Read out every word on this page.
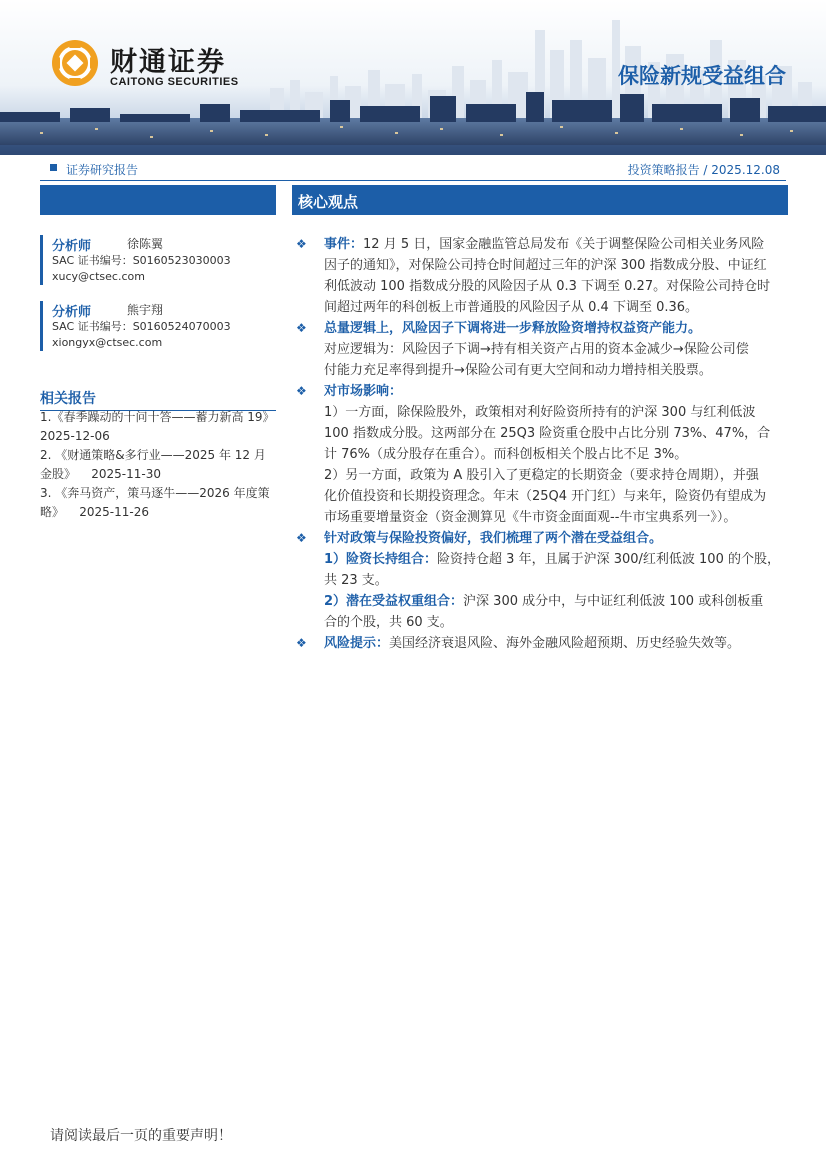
财通证券
CAITONG SECURITIES	保险新规受益组合
证券研究报告	投资策略报告 / 2025.12.08
核心观点
分析师	徐陈翼
SAC 证书编号：S0160523030003
xucy@ctsec.com
分析师	熊宇翔
SAC 证书编号：S0160524070003
xiongyx@ctsec.com
相关报告
1.《春季躁动的十问十答——蓄力新高 19》
2025-12-06
2. 《财通策略&多行业——2025 年 12 月
金股》    2025-11-30
3. 《奔马资产，策马逐牛——2026 年度策
略》    2025-11-26
❖ 事件：12 月 5 日，国家金融监管总局发布《关于调整保险公司相关业务风险
因子的通知》，对保险公司持仓时间超过三年的沪深 300 指数成分股、中证红
利低波动 100 指数成分股的风险因子从 0.3 下调至 0.27。对保险公司持仓时
间超过两年的科创板上市普通股的风险因子从 0.4 下调至 0.36。
❖ 总量逻辑上，风险因子下调将进一步释放险资增持权益资产能力。
对应逻辑为：风险因子下调→持有相关资产占用的资本金减少→保险公司偿
付能力充足率得到提升→保险公司有更大空间和动力增持相关股票。
❖ 对市场影响：
1）一方面，除保险股外，政策相对利好险资所持有的沪深 300 与红利低波
100 指数成分股。这两部分在 25Q3 险资重仓股中占比分别 73%、47%，合
计 76%（成分股存在重合）。而科创板相关个股占比不足 3%。
2）另一方面，政策为 A 股引入了更稳定的长期资金（要求持仓周期），并强
化价值投资和长期投资理念。年末（25Q4 开门红）与来年，险资仍有望成为
市场重要增量资金（资金测算见《牛市资金面面观--牛市宝典系列一》）。
❖ 针对政策与保险投资偏好，我们梳理了两个潜在受益组合。
1）险资长持组合：险资持仓超 3 年，且属于沪深 300/红利低波 100 的个股，
共 23 支。
2）潜在受益权重组合：沪深 300 成分中，与中证红利低波 100 或科创板重
合的个股，共 60 支。
❖ 风险提示：美国经济衰退风险、海外金融风险超预期、历史经验失效等。
请阅读最后一页的重要声明！
